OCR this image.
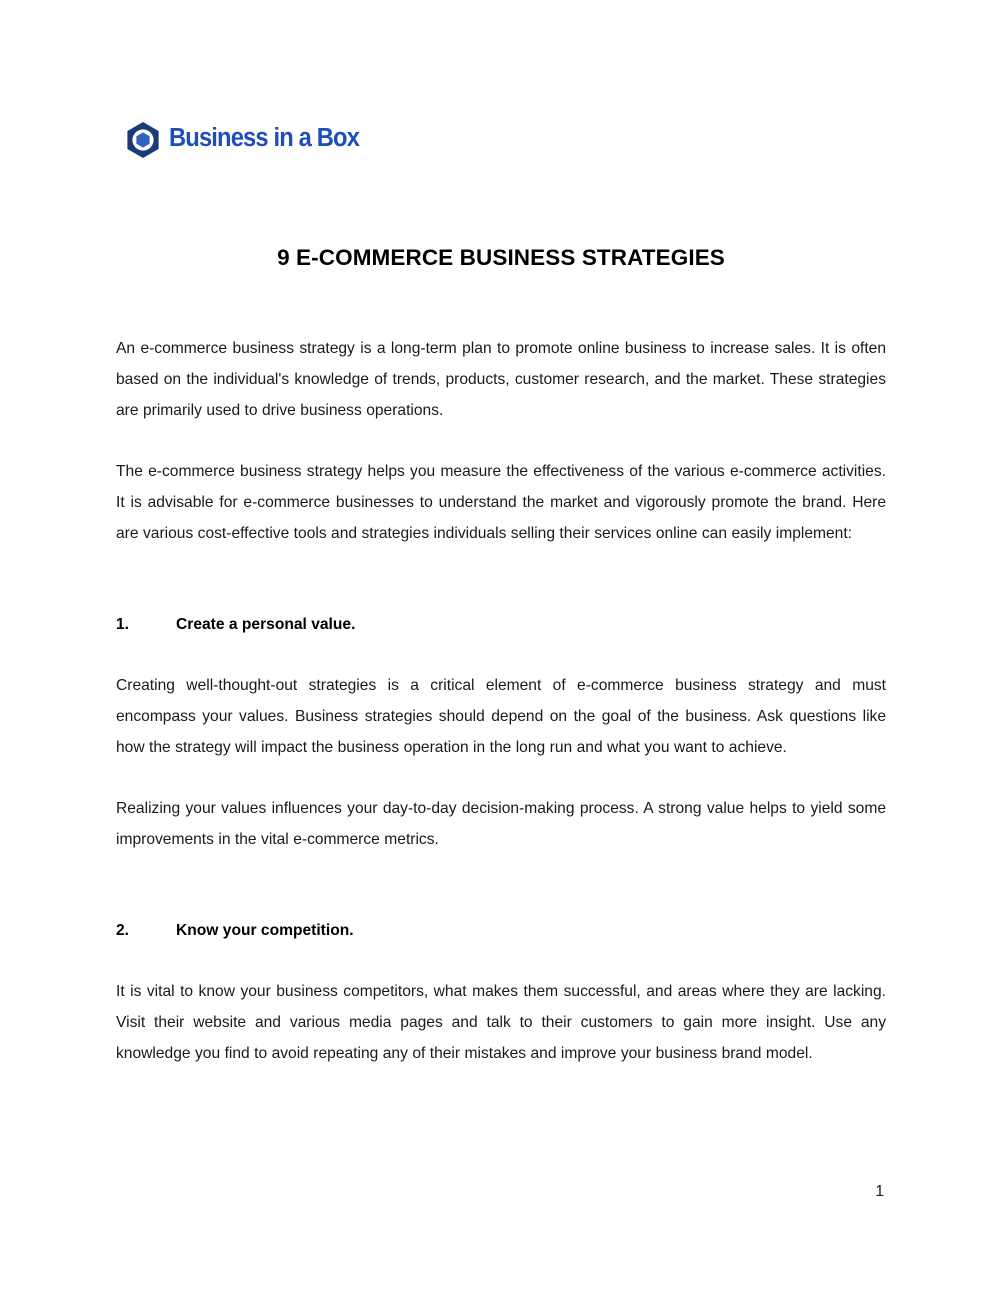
Business in a Box
9 E-COMMERCE BUSINESS STRATEGIES

An e-commerce business strategy is a long-term plan to promote online business to increase sales. It is often based on the individual's knowledge of trends, products, customer research, and the market. These strategies are primarily used to drive business operations.

The e-commerce business strategy helps you measure the effectiveness of the various e-commerce activities. It is advisable for e-commerce businesses to understand the market and vigorously promote the brand. Here are various cost-effective tools and strategies individuals selling their services online can easily implement:

1.	Create a personal value.

Creating well-thought-out strategies is a critical element of e-commerce business strategy and must encompass your values. Business strategies should depend on the goal of the business. Ask questions like how the strategy will impact the business operation in the long run and what you want to achieve.

Realizing your values influences your day-to-day decision-making process. A strong value helps to yield some improvements in the vital e-commerce metrics.

2.	Know your competition.

It is vital to know your business competitors, what makes them successful, and areas where they are lacking. Visit their website and various media pages and talk to their customers to gain more insight. Use any knowledge you find to avoid repeating any of their mistakes and improve your business brand model.

1
